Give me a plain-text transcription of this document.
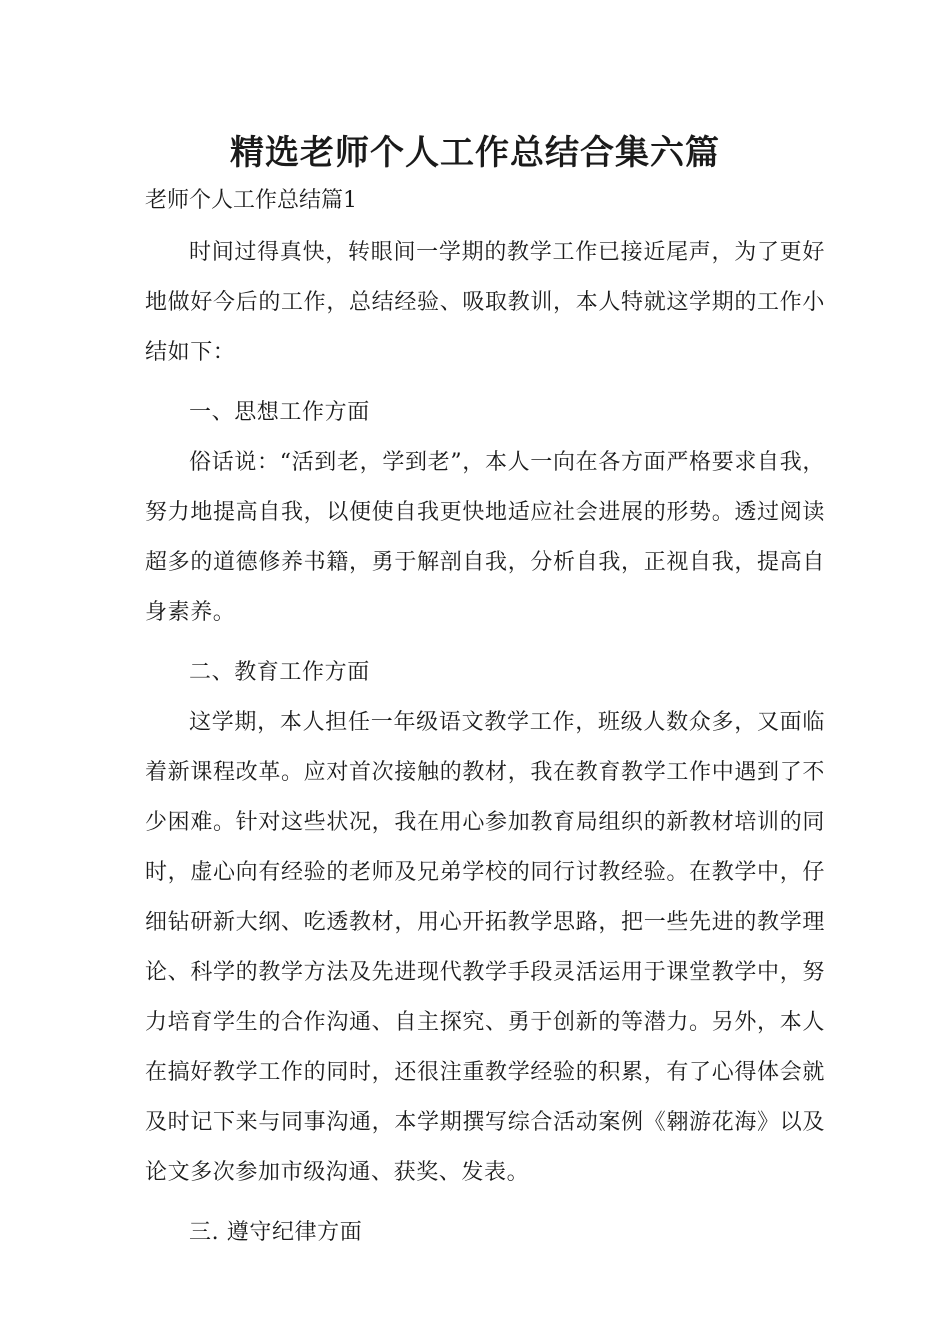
精选老师个人工作总结合集六篇
老师个人工作总结篇1

时间过得真快，转眼间一学期的教学工作已接近尾声，为了更好地做好今后的工作，总结经验、吸取教训，本人特就这学期的工作小结如下：

一、思想工作方面

俗话说：“活到老，学到老”，本人一向在各方面严格要求自我，努力地提高自我，以便使自我更快地适应社会进展的形势。透过阅读超多的道德修养书籍，勇于解剖自我，分析自我，正视自我，提高自身素养。

二、教育工作方面

这学期，本人担任一年级语文教学工作，班级人数众多，又面临着新课程改革。应对首次接触的教材，我在教育教学工作中遇到了不少困难。针对这些状况，我在用心参加教育局组织的新教材培训的同时，虚心向有经验的老师及兄弟学校的同行讨教经验。在教学中，仔细钻研新大纲、吃透教材，用心开拓教学思路，把一些先进的教学理论、科学的教学方法及先进现代教学手段灵活运用于课堂教学中，努力培育学生的合作沟通、自主探究、勇于创新的等潜力。另外，本人在搞好教学工作的同时，还很注重教学经验的积累，有了心得体会就及时记下来与同事沟通，本学期撰写综合活动案例《翱游花海》以及论文多次参加市级沟通、获奖、发表。

三. 遵守纪律方面
